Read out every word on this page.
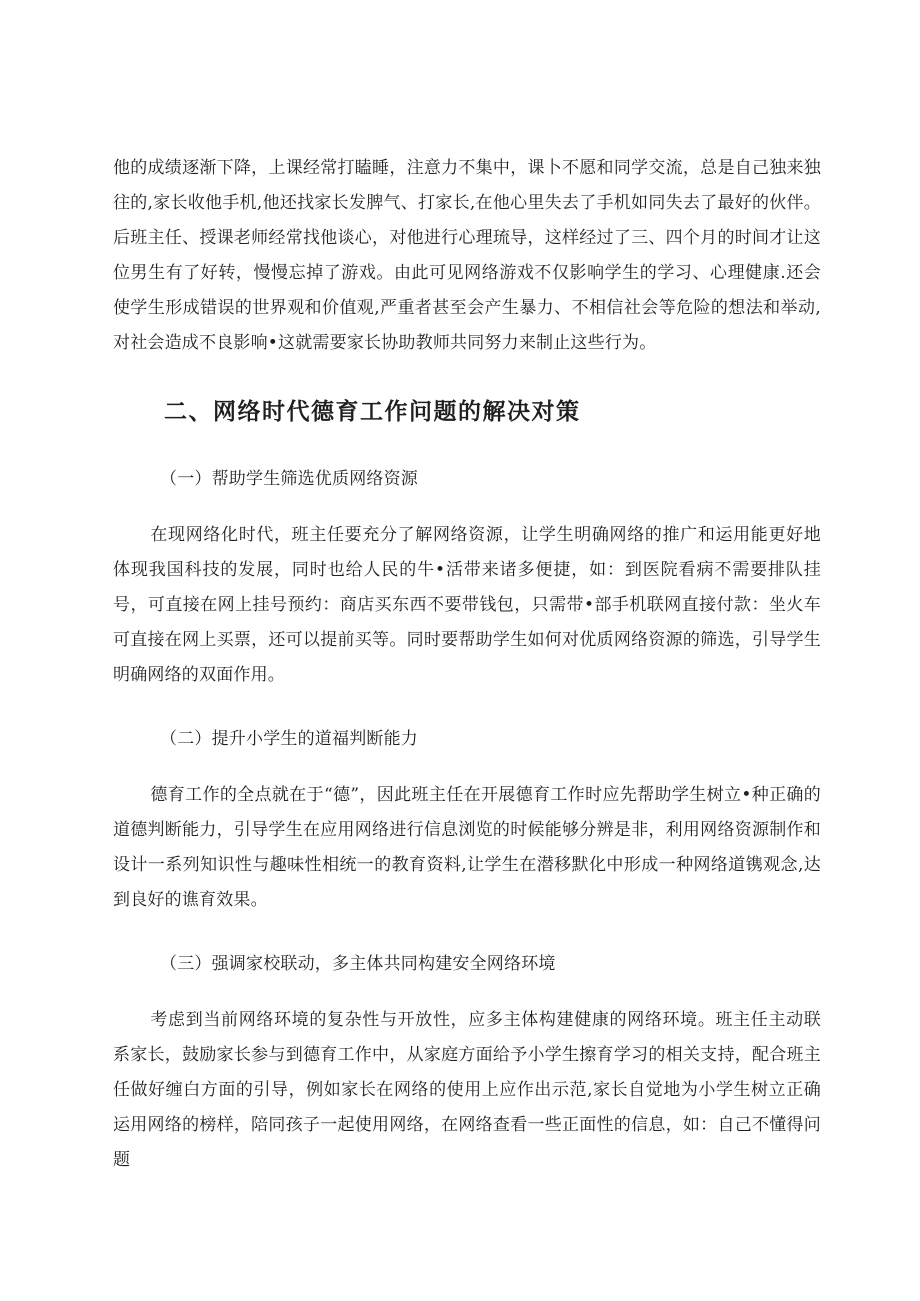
他的成绩逐渐下降，上课经常打瞌睡，注意力不集中，课卜不愿和同学交流，总是自己独来独往的,家长收他手机,他还找家长发脾气、打家长,在他心里失去了手机如同失去了最好的伙伴。后班主任、授课老师经常找他谈心，对他进行心理琉导，这样经过了三、四个月的时间才让这位男生有了好转，慢慢忘掉了游戏。由此可见网络游戏不仅影响学生的学习、心理健康.还会使学生形成错误的世界观和价值观,严重者甚至会产生暴力、不相信社会等危险的想法和举动,对社会造成不良影响•这就需要家长协助教师共同努力来制止这些行为。

二、网络时代德育工作问题的解决对策
（一）帮助学生筛选优质网络资源

在现网络化时代，班主任要充分了解网络资源，让学生明确网络的推广和运用能更好地体现我国科技的发展，同时也给人民的牛•活带来诸多便捷，如：到医院看病不需要排队挂号，可直接在网上挂号预约：商店买东西不要带钱包，只需带•部手机联网直接付款：坐火车可直接在网上买票，还可以提前买等。同时要帮助学生如何对优质网络资源的筛选，引导学生明确网络的双面作用。

（二）提升小学生的道福判断能力

德育工作的全点就在于“德”，因此班主任在开展德育工作时应先帮助学生树立•种正确的道德判断能力，引导学生在应用网络进行信息浏览的时候能够分辨是非，利用网络资源制作和设计一系列知识性与趣味性相统一的教育资料,让学生在潜移默化中形成一种网络道镌观念,达到良好的谯育效果。

（三）强调家校联动，多主体共同构建安全网络环境

考虑到当前网络环境的复杂性与开放性，应多主体构建健康的网络环境。班主任主动联系家长，鼓励家长参与到德育工作中，从家庭方面给予小学生擦育学习的相关支持，配合班主任做好缠白方面的引导，例如家长在网络的使用上应作出示范,家长自觉地为小学生树立正确运用网络的榜样，陪同孩子一起使用网络，在网络查看一些正面性的信息，如：自己不懂得问题
